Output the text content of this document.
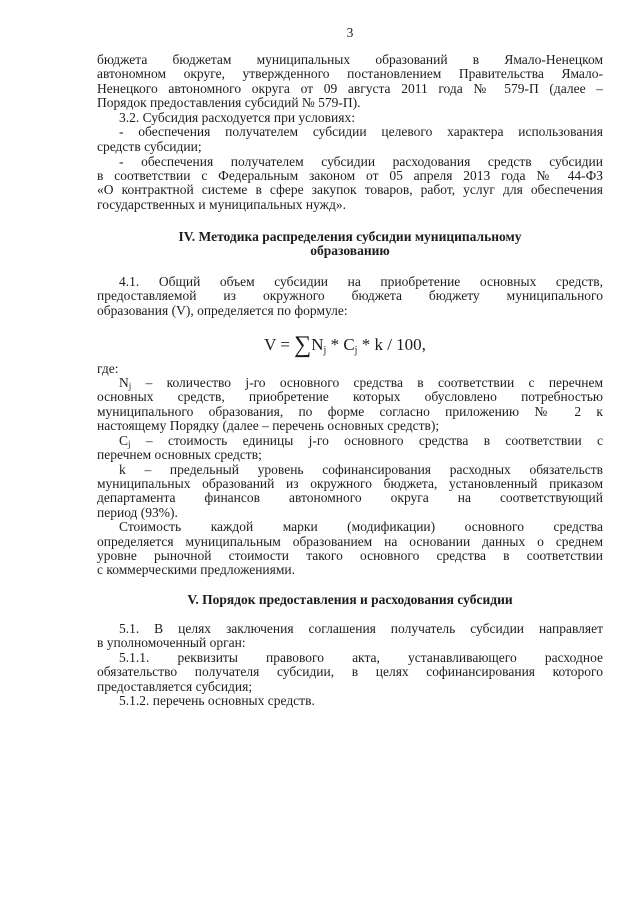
3
бюджета бюджетам муниципальных образований в Ямало-Ненецком
автономном округе, утвержденного постановлением Правительства Ямало-
Ненецкого автономного округа от 09 августа 2011 года № 579-П (далее –
Порядок предоставления субсидий № 579-П).
3.2. Субсидия расходуется при условиях:
- обеспечения получателем субсидии целевого характера использования
средств субсидии;
- обеспечения получателем субсидии расходования средств субсидии
в соответствии с Федеральным законом от 05 апреля 2013 года № 44-ФЗ
«О контрактной системе в сфере закупок товаров, работ, услуг для обеспечения
государственных и муниципальных нужд».
IV. Методика распределения субсидии муниципальному
образованию
4.1. Общий объем субсидии на приобретение основных средств,
предоставляемой из окружного бюджета бюджету муниципального
образования (V), определяется по формуле:
$V = \sum N_j * C_j * k / 100$,
где:
$N_j$ – количество j-го основного средства в соответствии с перечнем
основных средств, приобретение которых обусловлено потребностью
муниципального образования, по форме согласно приложению № 2 к
настоящему Порядку (далее – перечень основных средств);
$C_j$ – стоимость единицы j-го основного средства в соответствии с
перечнем основных средств;
k – предельный уровень софинансирования расходных обязательств
муниципальных образований из окружного бюджета, установленный приказом
департамента финансов автономного округа на соответствующий
период (93%).
Стоимость каждой марки (модификации) основного средства
определяется муниципальным образованием на основании данных о среднем
уровне рыночной стоимости такого основного средства в соответствии
с коммерческими предложениями.
V. Порядок предоставления и расходования субсидии
5.1. В целях заключения соглашения получатель субсидии направляет
в уполномоченный орган:
5.1.1. реквизиты правового акта, устанавливающего расходное
обязательство получателя субсидии, в целях софинансирования которого
предоставляется субсидия;
5.1.2. перечень основных средств.
